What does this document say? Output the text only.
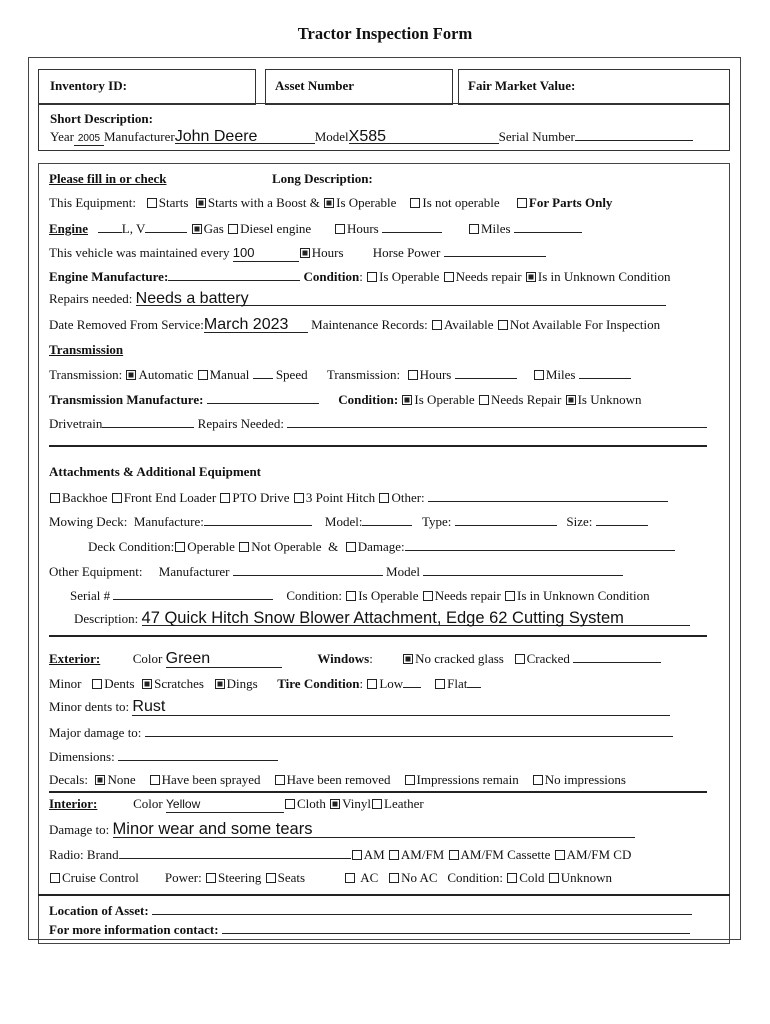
Tractor Inspection Form
Inventory ID:	Asset Number	Fair Market Value:
Short Description:
Year 2005 ManufacturerJohn Deere	ModelX585	Serial Number
Please fill in or check	Long Description:
This Equipment: Starts Starts with a Boost & Is Operable Is not operable For Parts Only
Engine	L, V	Gas Diesel engine	Hours	Miles
This vehicle was maintained every 100	Hours Horse Power
Engine Manufacture:	Condition: Is Operable Needs repair Is in Unknown Condition
Repairs needed: Needs a battery
Date Removed From Service:March 2023 Maintenance Records: Available Not Available For Inspection
Transmission
Transmission: Automatic Manual Speed Transmission: Hours	Miles
Transmission Manufacture:	Condition: Is Operable Needs Repair Is Unknown
Drivetrain	Repairs Needed:
Attachments & Additional Equipment
Backhoe Front End Loader PTO Drive 3 Point Hitch Other:
Mowing Deck: Manufacture:	Model:	Type:	Size:
Deck Condition: Operable Not Operable & Damage:
Other Equipment: Manufacturer	Model
Serial #	Condition: Is Operable Needs repair Is in Unknown Condition
Description: 47 Quick Hitch Snow Blower Attachment, Edge 62 Cutting System
Exterior:	Color Green	Windows:         No cracked glass Cracked
Minor Dents Scratches Dings Tire Condition: Low	Flat
Minor dents to: Rust
Major damage to:
Dimensions:
Decals: None Have been sprayed Have been removed Impressions remain No impressions
Interior:	Color Yellow	Cloth Vinyl Leather
Damage to: Minor wear and some tears
Radio: Brand	AM AM/FM AM/FM Cassette AM/FM CD
Cruise Control Power: Steering Seats	AC No AC Condition: Cold Unknown
Location of Asset:
For more information contact:
